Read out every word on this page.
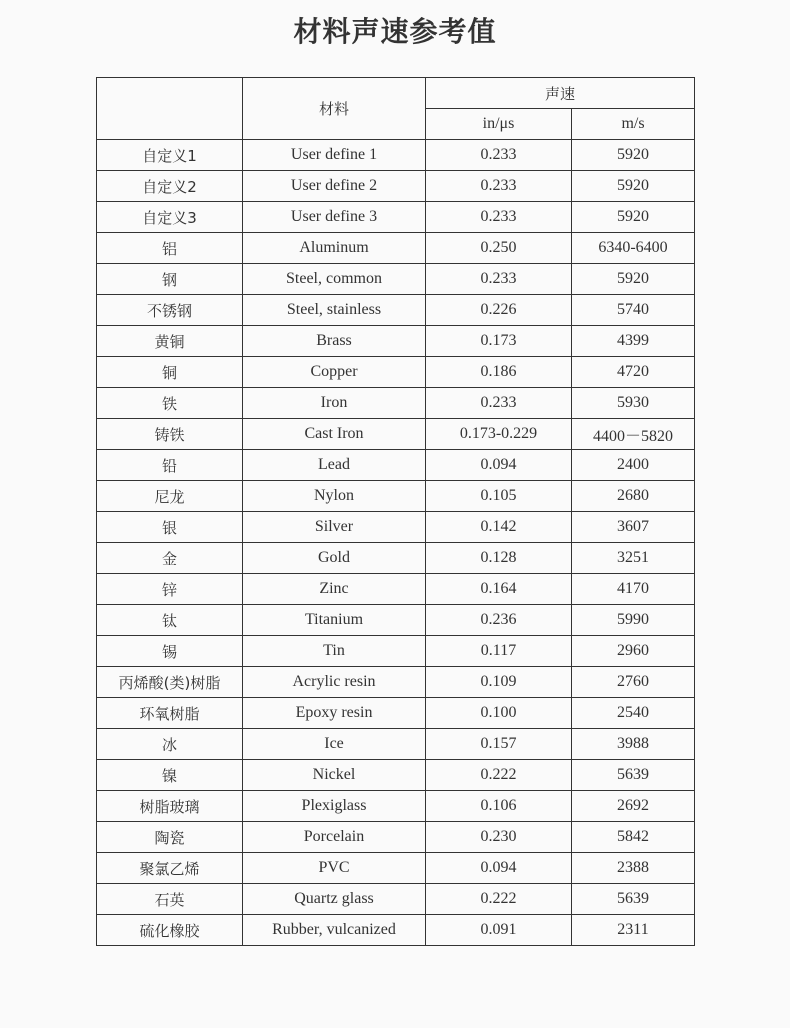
材料声速参考值
	材料	声速	
		in/μs	m/s
自定义1	User define 1	0.233	5920
自定义2	User define 2	0.233	5920
自定义3	User define 3	0.233	5920
铝	Aluminum	0.250	6340-6400
钢	Steel, common	0.233	5920
不锈钢	Steel, stainless	0.226	5740
黄铜	Brass	0.173	4399
铜	Copper	0.186	4720
铁	Iron	0.233	5930
铸铁	Cast Iron	0.173-0.229	4400－5820
铅	Lead	0.094	2400
尼龙	Nylon	0.105	2680
银	Silver	0.142	3607
金	Gold	0.128	3251
锌	Zinc	0.164	4170
钛	Titanium	0.236	5990
锡	Tin	0.117	2960
丙烯酸(类)树脂	Acrylic resin	0.109	2760
环氧树脂	Epoxy resin	0.100	2540
冰	Ice	0.157	3988
镍	Nickel	0.222	5639
树脂玻璃	Plexiglass	0.106	2692
陶瓷	Porcelain	0.230	5842
聚氯乙烯	PVC	0.094	2388
石英	Quartz glass	0.222	5639
硫化橡胶	Rubber, vulcanized	0.091	2311
